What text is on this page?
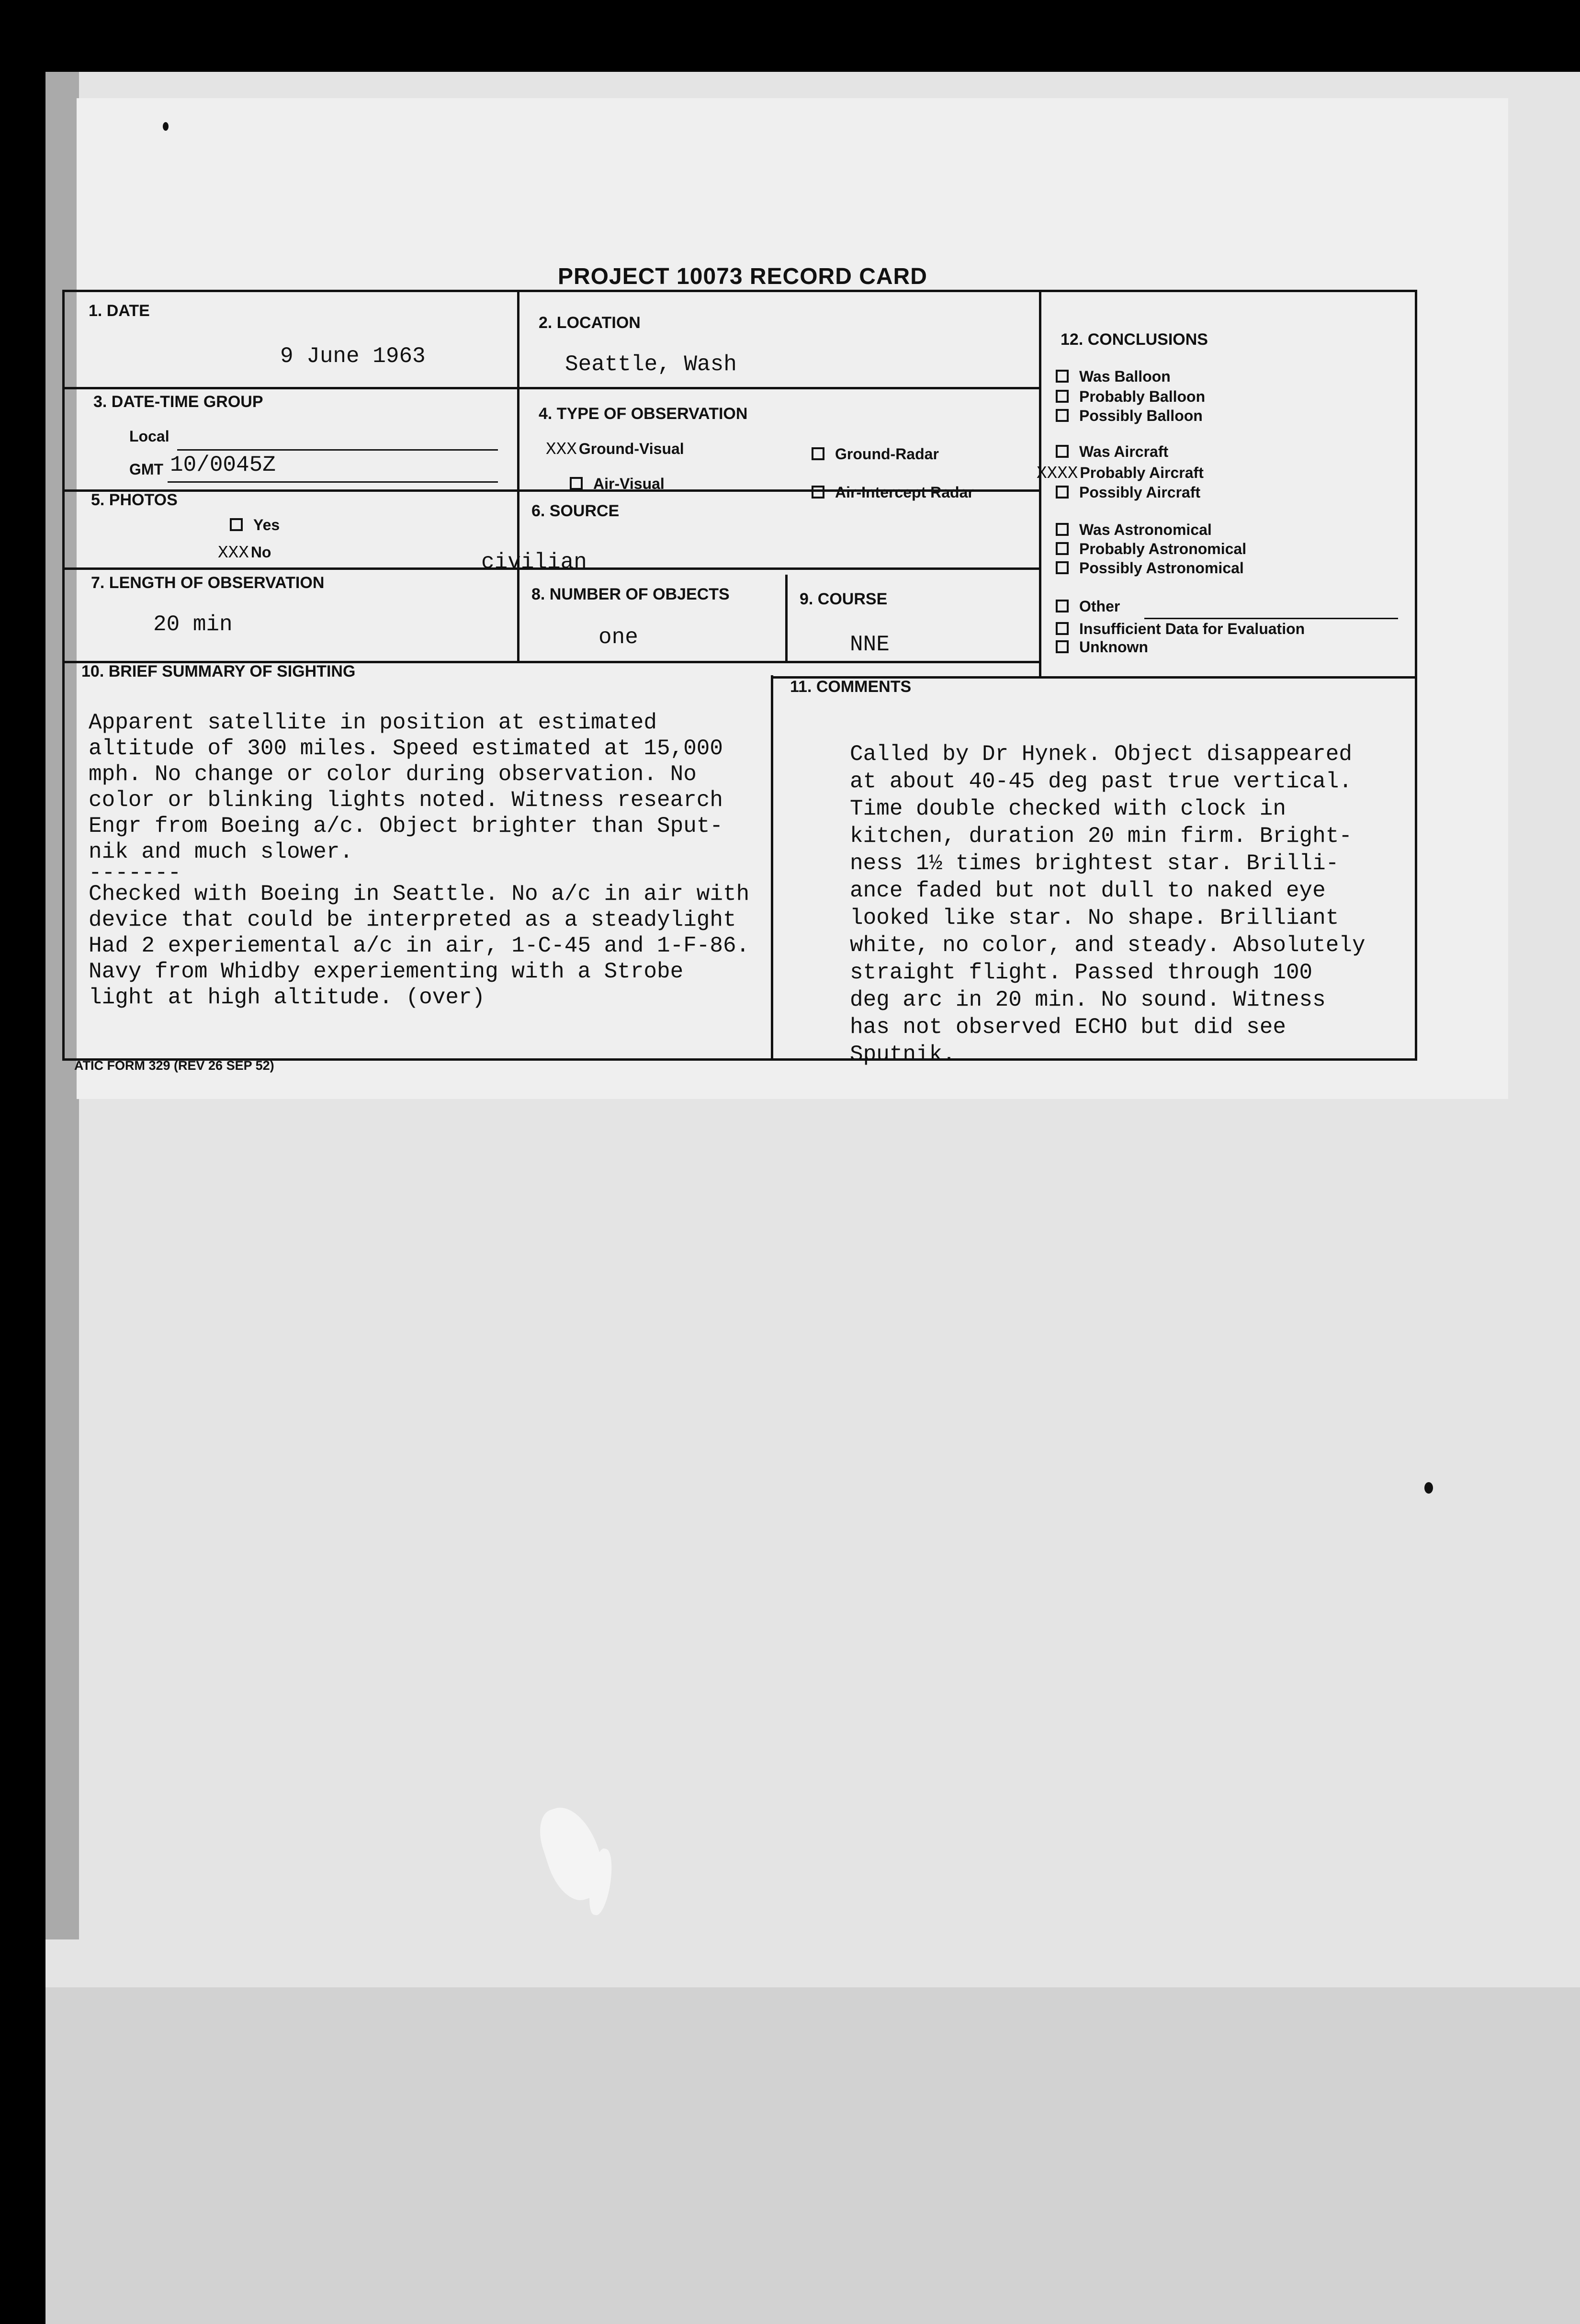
PROJECT 10073 RECORD CARD
1. DATE
9 June 1963
2. LOCATION
Seattle, Wash
3. DATE-TIME GROUP
Local
GMT 10/0045Z
4. TYPE OF OBSERVATION
XXX Ground-Visual	Ground-Radar
Air-Visual	Air-Intercept Radar
5. PHOTOS
Yes
XXX No
6. SOURCE
civilian
7. LENGTH OF OBSERVATION
20 min
8. NUMBER OF OBJECTS
one
9. COURSE
NNE
12. CONCLUSIONS
Was Balloon
Probably Balloon
Possibly Balloon
Was Aircraft
XXXX Probably Aircraft
Possibly Aircraft
Was Astronomical
Probably Astronomical
Possibly Astronomical
Other
Insufficient Data for Evaluation
Unknown
10. BRIEF SUMMARY OF SIGHTING

Apparent satellite in position at estimated
altitude of 300 miles. Speed estimated at 15,000
mph. No change or color during observation. No
color or blinking lights noted. Witness research
Engr from Boeing a/c. Object brighter than Sput-
nik and much slower.
-------
Checked with Boeing in Seattle. No a/c in air with
device that could be interpreted as a steadylight
Had 2 experiemental a/c in air, 1-C-45 and 1-F-86.
Navy from Whidby experiementing with a Strobe
light at high altitude. (over)
11. COMMENTS

Called by Dr Hynek. Object disappeared
at about 40-45 deg past true vertical.
Time double checked with clock in
kitchen, duration 20 min firm. Bright-
ness 1½ times brightest star. Brilli-
ance faded but not dull to naked eye
looked like star. No shape. Brilliant
white, no color, and steady. Absolutely
straight flight. Passed through 100
deg arc in 20 min. No sound. Witness
has not observed ECHO but did see
Sputnik.
ATIC FORM 329 (REV 26 SEP 52)
